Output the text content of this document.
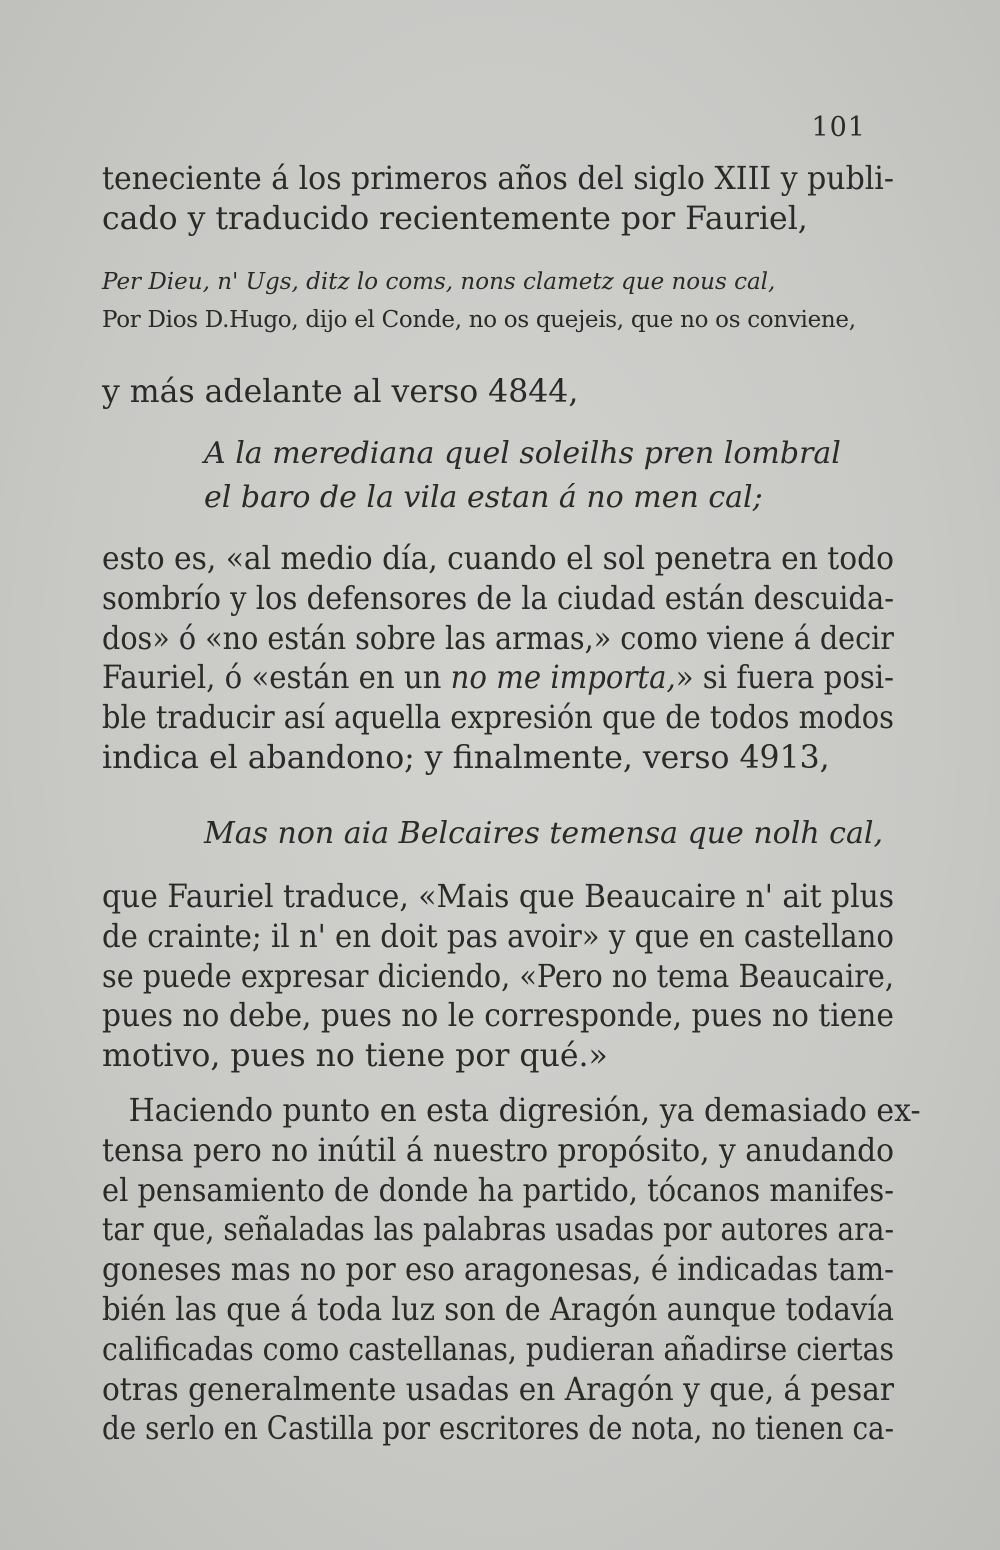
101
teneciente á los primeros años del siglo XIII y publi-
cado y traducido recientemente por Fauriel,
Per Dieu, n' Ugs, ditz lo coms, nons clametz que nous cal,
Por Dios D.Hugo, dijo el Conde, no os quejeis, que no os conviene,
y más adelante al verso 4844,
A la merediana quel soleilhs pren lombral
el baro de la vila estan á no men cal;
esto es, «al medio día, cuando el sol penetra en todo
sombrío y los defensores de la ciudad están descuida-
dos» ó «no están sobre las armas,» como viene á decir
Fauriel, ó «están en un no me importa,» si fuera posi-
ble traducir así aquella expresión que de todos modos
indica el abandono; y finalmente, verso 4913,
Mas non aia Belcaires temensa que nolh cal,
que Fauriel traduce, «Mais que Beaucaire n' ait plus
de crainte; il n' en doit pas avoir» y que en castellano
se puede expresar diciendo, «Pero no tema Beaucaire,
pues no debe, pues no le corresponde, pues no tiene
motivo, pues no tiene por qué.»
Haciendo punto en esta digresión, ya demasiado ex-
tensa pero no inútil á nuestro propósito, y anudando
el pensamiento de donde ha partido, tócanos manifes-
tar que, señaladas las palabras usadas por autores ara-
goneses mas no por eso aragonesas, é indicadas tam-
bién las que á toda luz son de Aragón aunque todavía
calificadas como castellanas, pudieran añadirse ciertas
otras generalmente usadas en Aragón y que, á pesar
de serlo en Castilla por escritores de nota, no tienen ca-
